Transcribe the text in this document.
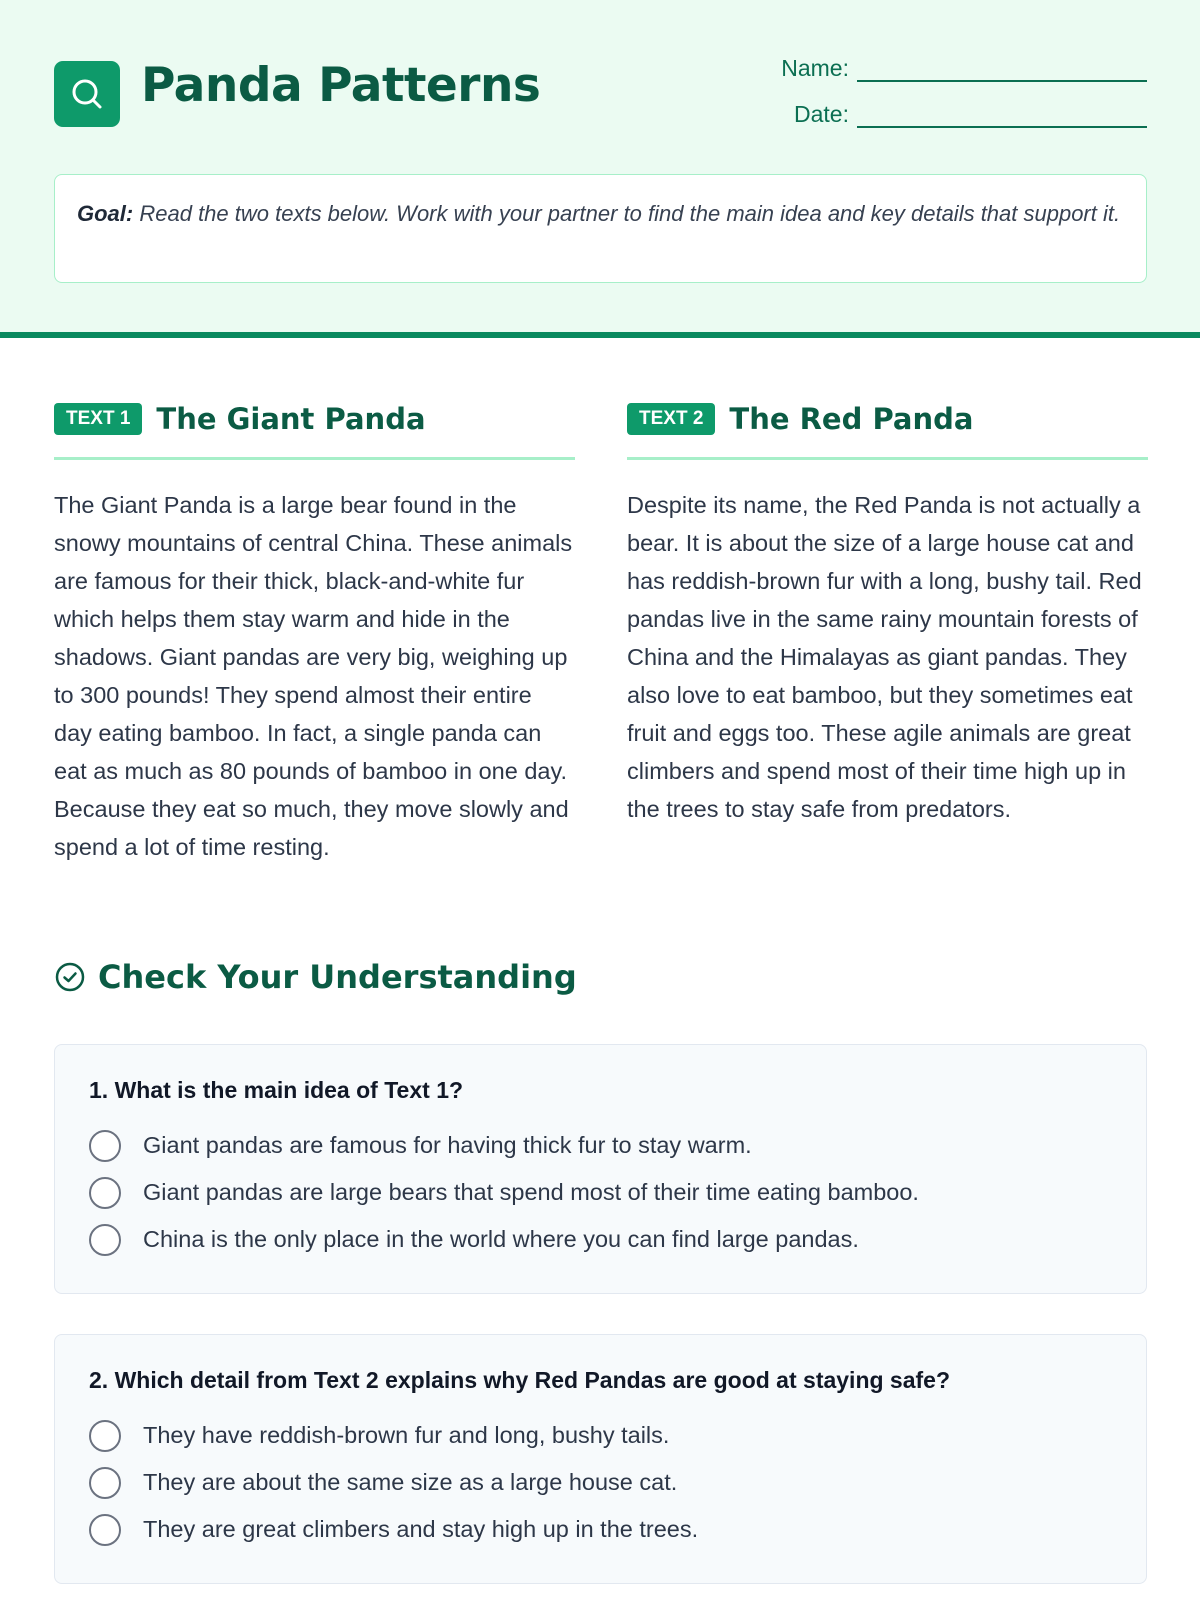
Panda Patterns	Name:
Date:
Goal: Read the two texts below. Work with your partner to find the main idea and key details that support it.
TEXT 1 The Giant Panda

The Giant Panda is a large bear found in the snowy mountains of central China. These animals are famous for their thick, black-and-white fur which helps them stay warm and hide in the shadows. Giant pandas are very big, weighing up to 300 pounds! They spend almost their entire day eating bamboo. In fact, a single panda can eat as much as 80 pounds of bamboo in one day. Because they eat so much, they move slowly and spend a lot of time resting.

TEXT 2 The Red Panda

Despite its name, the Red Panda is not actually a bear. It is about the size of a large house cat and has reddish-brown fur with a long, bushy tail. Red pandas live in the same rainy mountain forests of China and the Himalayas as giant pandas. They also love to eat bamboo, but they sometimes eat fruit and eggs too. These agile animals are great climbers and spend most of their time high up in the trees to stay safe from predators.

Check Your Understanding
1. What is the main idea of Text 1?
Giant pandas are famous for having thick fur to stay warm.
Giant pandas are large bears that spend most of their time eating bamboo.
China is the only place in the world where you can find large pandas.
2. Which detail from Text 2 explains why Red Pandas are good at staying safe?
They have reddish-brown fur and long, bushy tails.
They are about the same size as a large house cat.
They are great climbers and stay high up in the trees.
